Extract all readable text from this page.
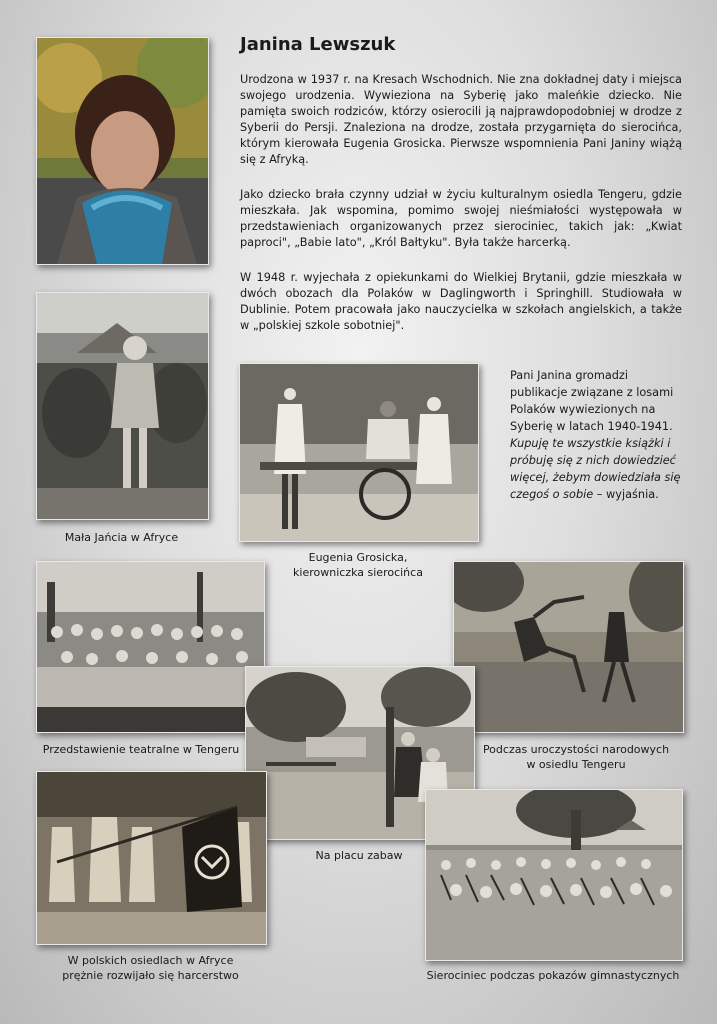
Janina Lewszuk

Urodzona w 1937 r. na Kresach Wschodnich. Nie zna dokładnej daty i miejsca swojego urodzenia. Wywieziona na Syberię jako maleńkie dziecko. Nie pamięta swoich rodziców, którzy osierocili ją najprawdopodobniej w drodze z Syberii do Persji. Znaleziona na drodze, została przygarnięta do sierocińca, którym kierowała Eugenia Grosicka. Pierwsze wspomnienia Pani Janiny wiążą się z Afryką.

Jako dziecko brała czynny udział w życiu kulturalnym osiedla Tengeru, gdzie mieszkała. Jak wspomina, pomimo swojej nieśmiałości występowała w przedstawieniach organizowanych przez sierociniec, takich jak: „Kwiat paproci", „Babie lato", „Król Bałtyku". Była także harcerką.

W 1948 r. wyjechała z opiekunkami do Wielkiej Brytanii, gdzie mieszkała w dwóch obozach dla Polaków w Daglingworth i Springhill. Studiowała w Dublinie. Potem pracowała jako nauczycielka w szkołach angielskich, a także w „polskiej szkole sobotniej".

Mała Jańcia w Afryce

Eugenia Grosicka,
kierowniczka sierocińca

Pani Janina gromadzi publikacje związane z losami Polaków wywiezionych na Syberię w latach 1940-1941. Kupuję te wszystkie książki i próbuję się z nich dowiedzieć więcej, żebym dowiedziała się czegoś o sobie – wyjaśnia.

Przedstawienie teatralne w Tengeru	Podczas uroczystości narodowych
w osiedlu Tengeru

Na placu zabaw

W polskich osiedlach w Afryce
prężnie rozwijało się harcerstwo	Sierociniec podczas pokazów gimnastycznych
